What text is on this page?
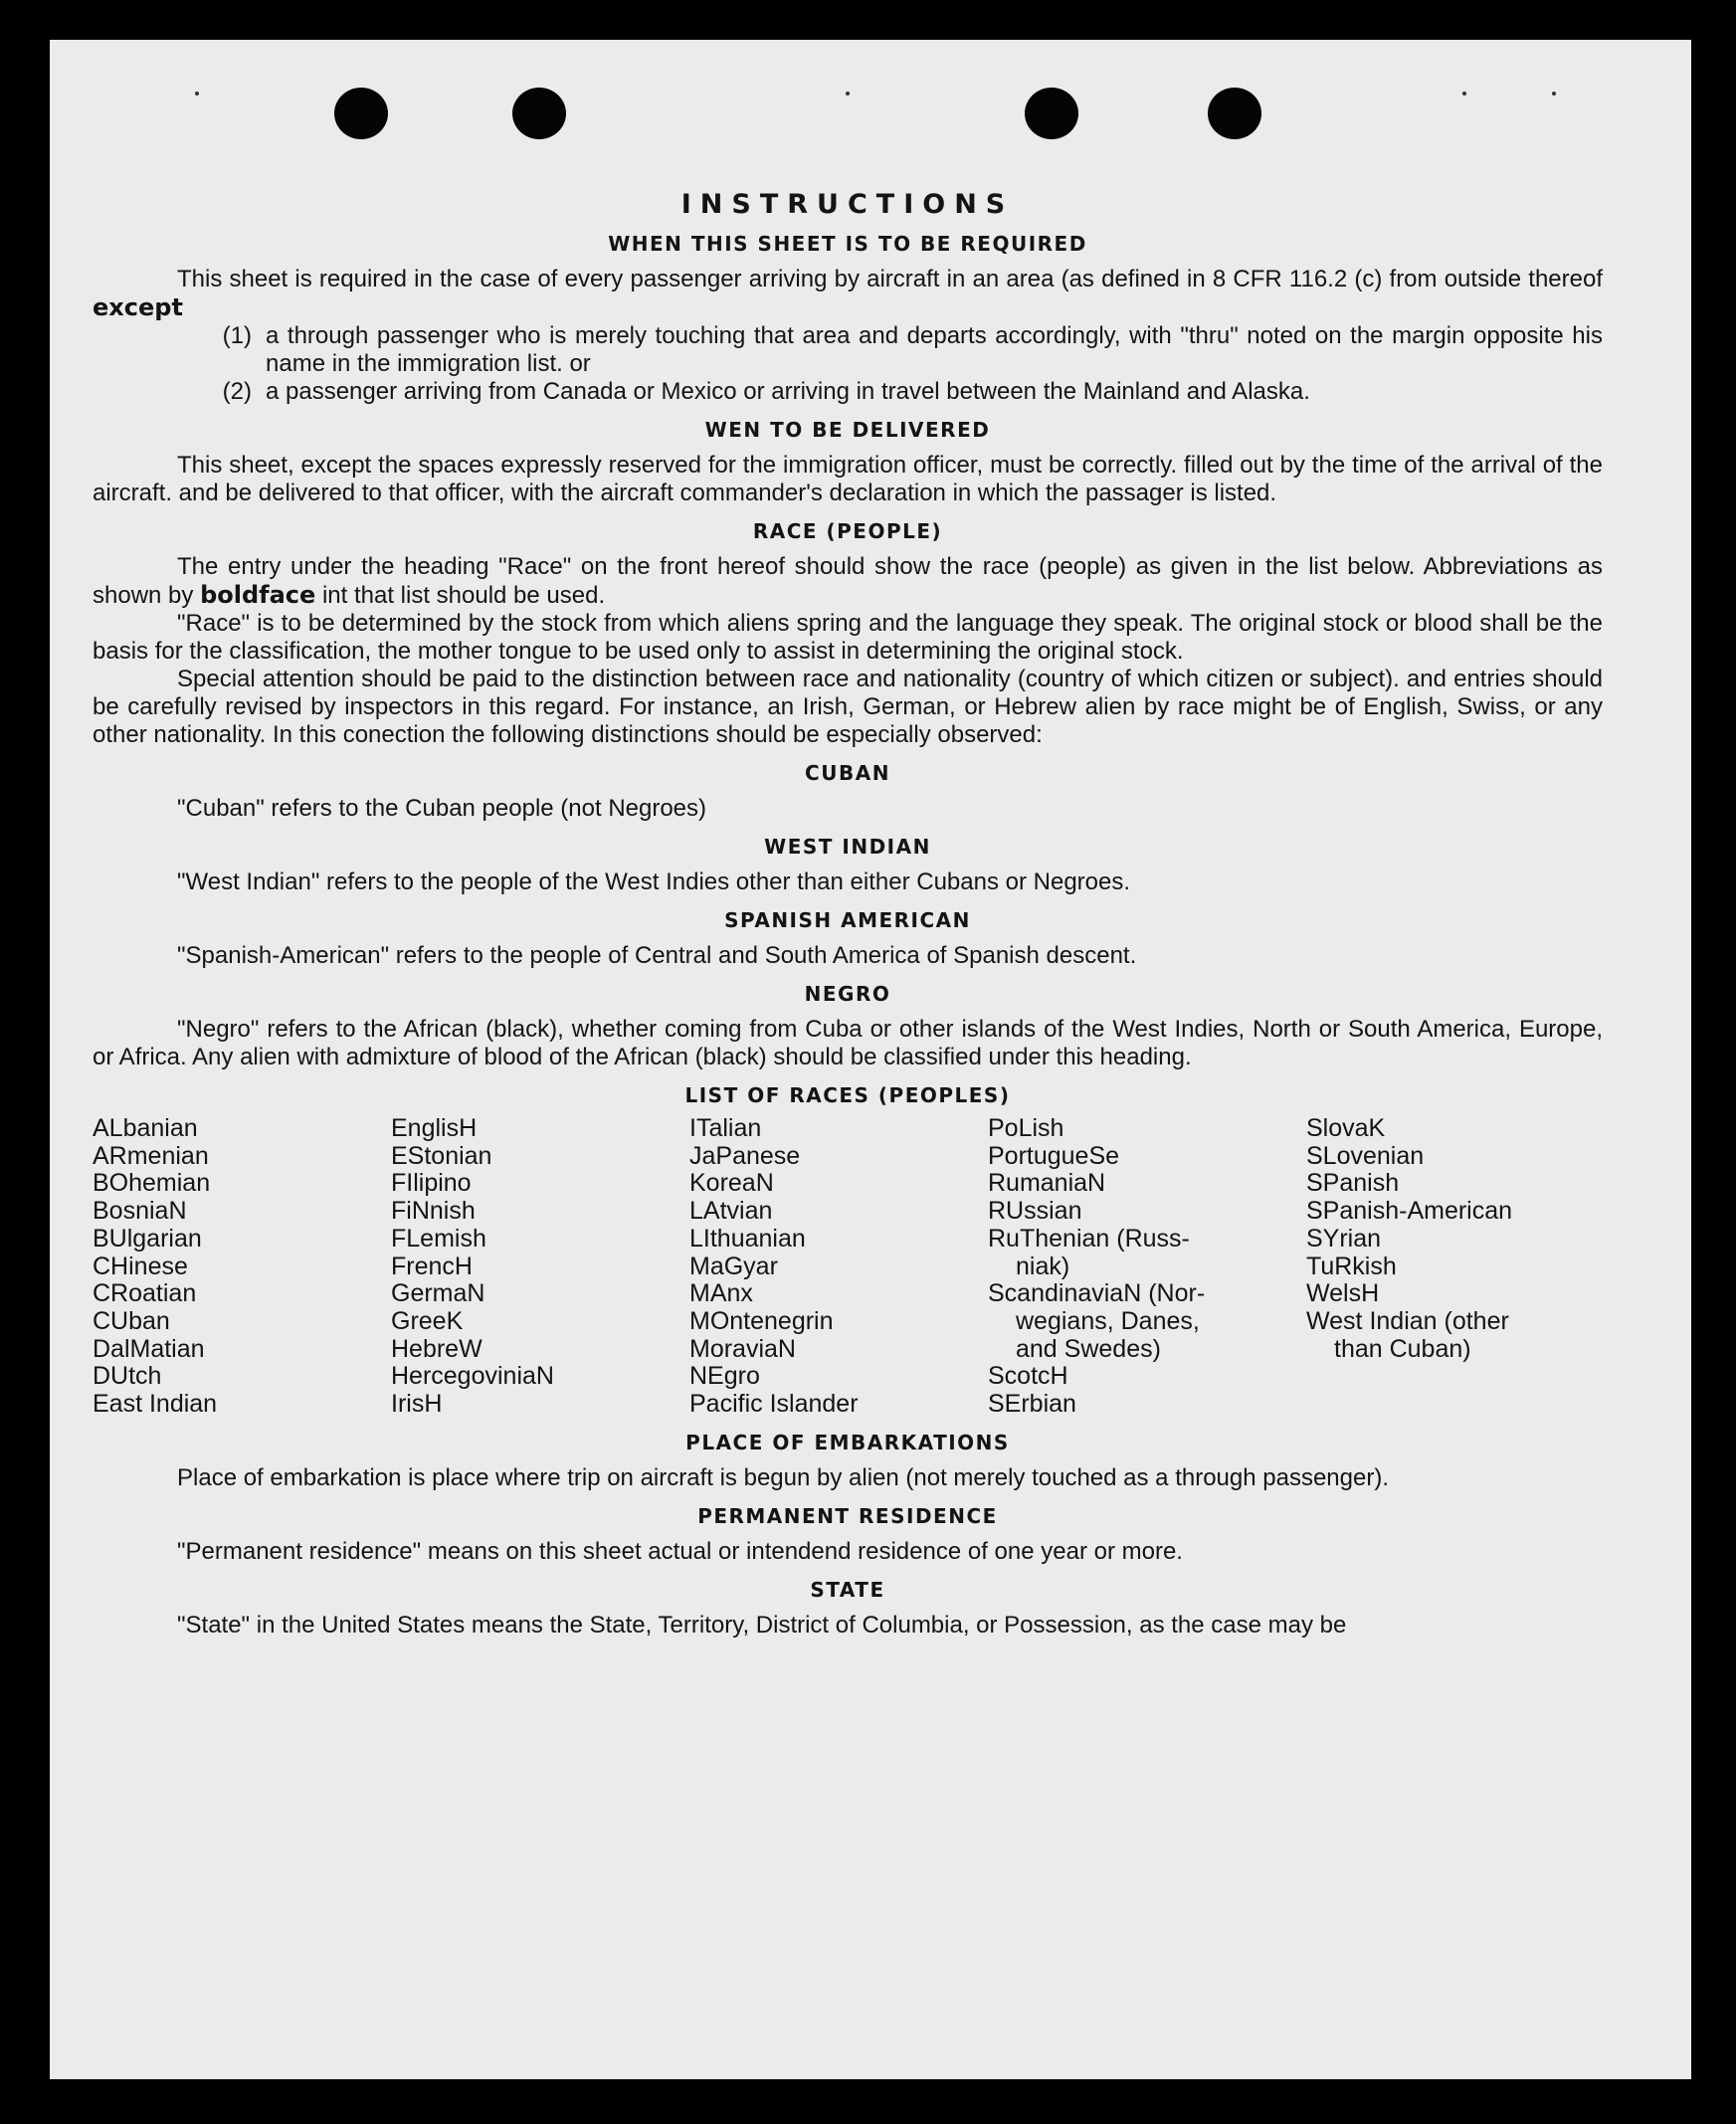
INSTRUCTIONS
WHEN THIS SHEET IS TO BE REQUIRED

This sheet is required in the case of every passenger arriving by aircraft in an area (as defined in 8 CFR 116.2 (c) from outside thereof except

(1) a through passenger who is merely touching that area and departs accordingly, with "thru" noted on the margin opposite his name in the immigration list. or
(2) a passenger arriving from Canada or Mexico or arriving in travel between the Mainland and Alaska.
WEN TO BE DELIVERED

This sheet, except the spaces expressly reserved for the immigration officer, must be correctly. filled out by the time of the arrival of the aircraft. and be delivered to that officer, with the aircraft commander's declaration in which the passager is listed.

RACE (PEOPLE)

The entry under the heading "Race" on the front hereof should show the race (people) as given in the list below. Abbreviations as shown by boldface int that list should be used.

"Race" is to be determined by the stock from which aliens spring and the language they speak. The original stock or blood shall be the basis for the classification, the mother tongue to be used only to assist in determining the original stock.

Special attention should be paid to the distinction between race and nationality (country of which citizen or subject). and entries should be carefully revised by inspectors in this regard. For instance, an Irish, German, or Hebrew alien by race might be of English, Swiss, or any other nationality. In this conection the following distinctions should be especially observed:

CUBAN

"Cuban" refers to the Cuban people (not Negroes)

WEST INDIAN

"West Indian" refers to the people of the West Indies other than either Cubans or Negroes.

SPANISH AMERICAN

"Spanish-American" refers to the people of Central and South America of Spanish descent.

NEGRO

"Negro" refers to the African (black), whether coming from Cuba or other islands of the West Indies, North or South America, Europe, or Africa. Any alien with admixture of blood of the African (black) should be classified under this heading.

LIST OF RACES (PEOPLES)
ALbanian
ARmenian
BOhemian
BosniaN
BUlgarian
CHinese
CRoatian
CUban
DalMatian
DUtch
East Indian
EnglisH
EStonian
FIlipino
FiNnish
FLemish
FrencH
GermaN
GreeK
HebreW
HercegoviniaN
IrisH
ITalian
JaPanese
KoreaN
LAtvian
LIthuanian
MaGyar
MAnx
MOntenegrin
MoraviaN
NEgro
Pacific Islander
PoLish
PortugueSe
RumaniaN
RUssian
RuThenian (Russ-
niak)
ScandinaviaN (Nor-
wegians, Danes,
and Swedes)
ScotcH
SErbian
SlovaK
SLovenian
SPanish
SPanish-American
SYrian
TuRkish
WelsH
West Indian (other
than Cuban)
PLACE OF EMBARKATIONS

Place of embarkation is place where trip on aircraft is begun by alien (not merely touched as a through passenger).

PERMANENT RESIDENCE

"Permanent residence" means on this sheet actual or intendend residence of one year or more.

STATE

"State" in the United States means the State, Territory, District of Columbia, or Possession, as the case may be
